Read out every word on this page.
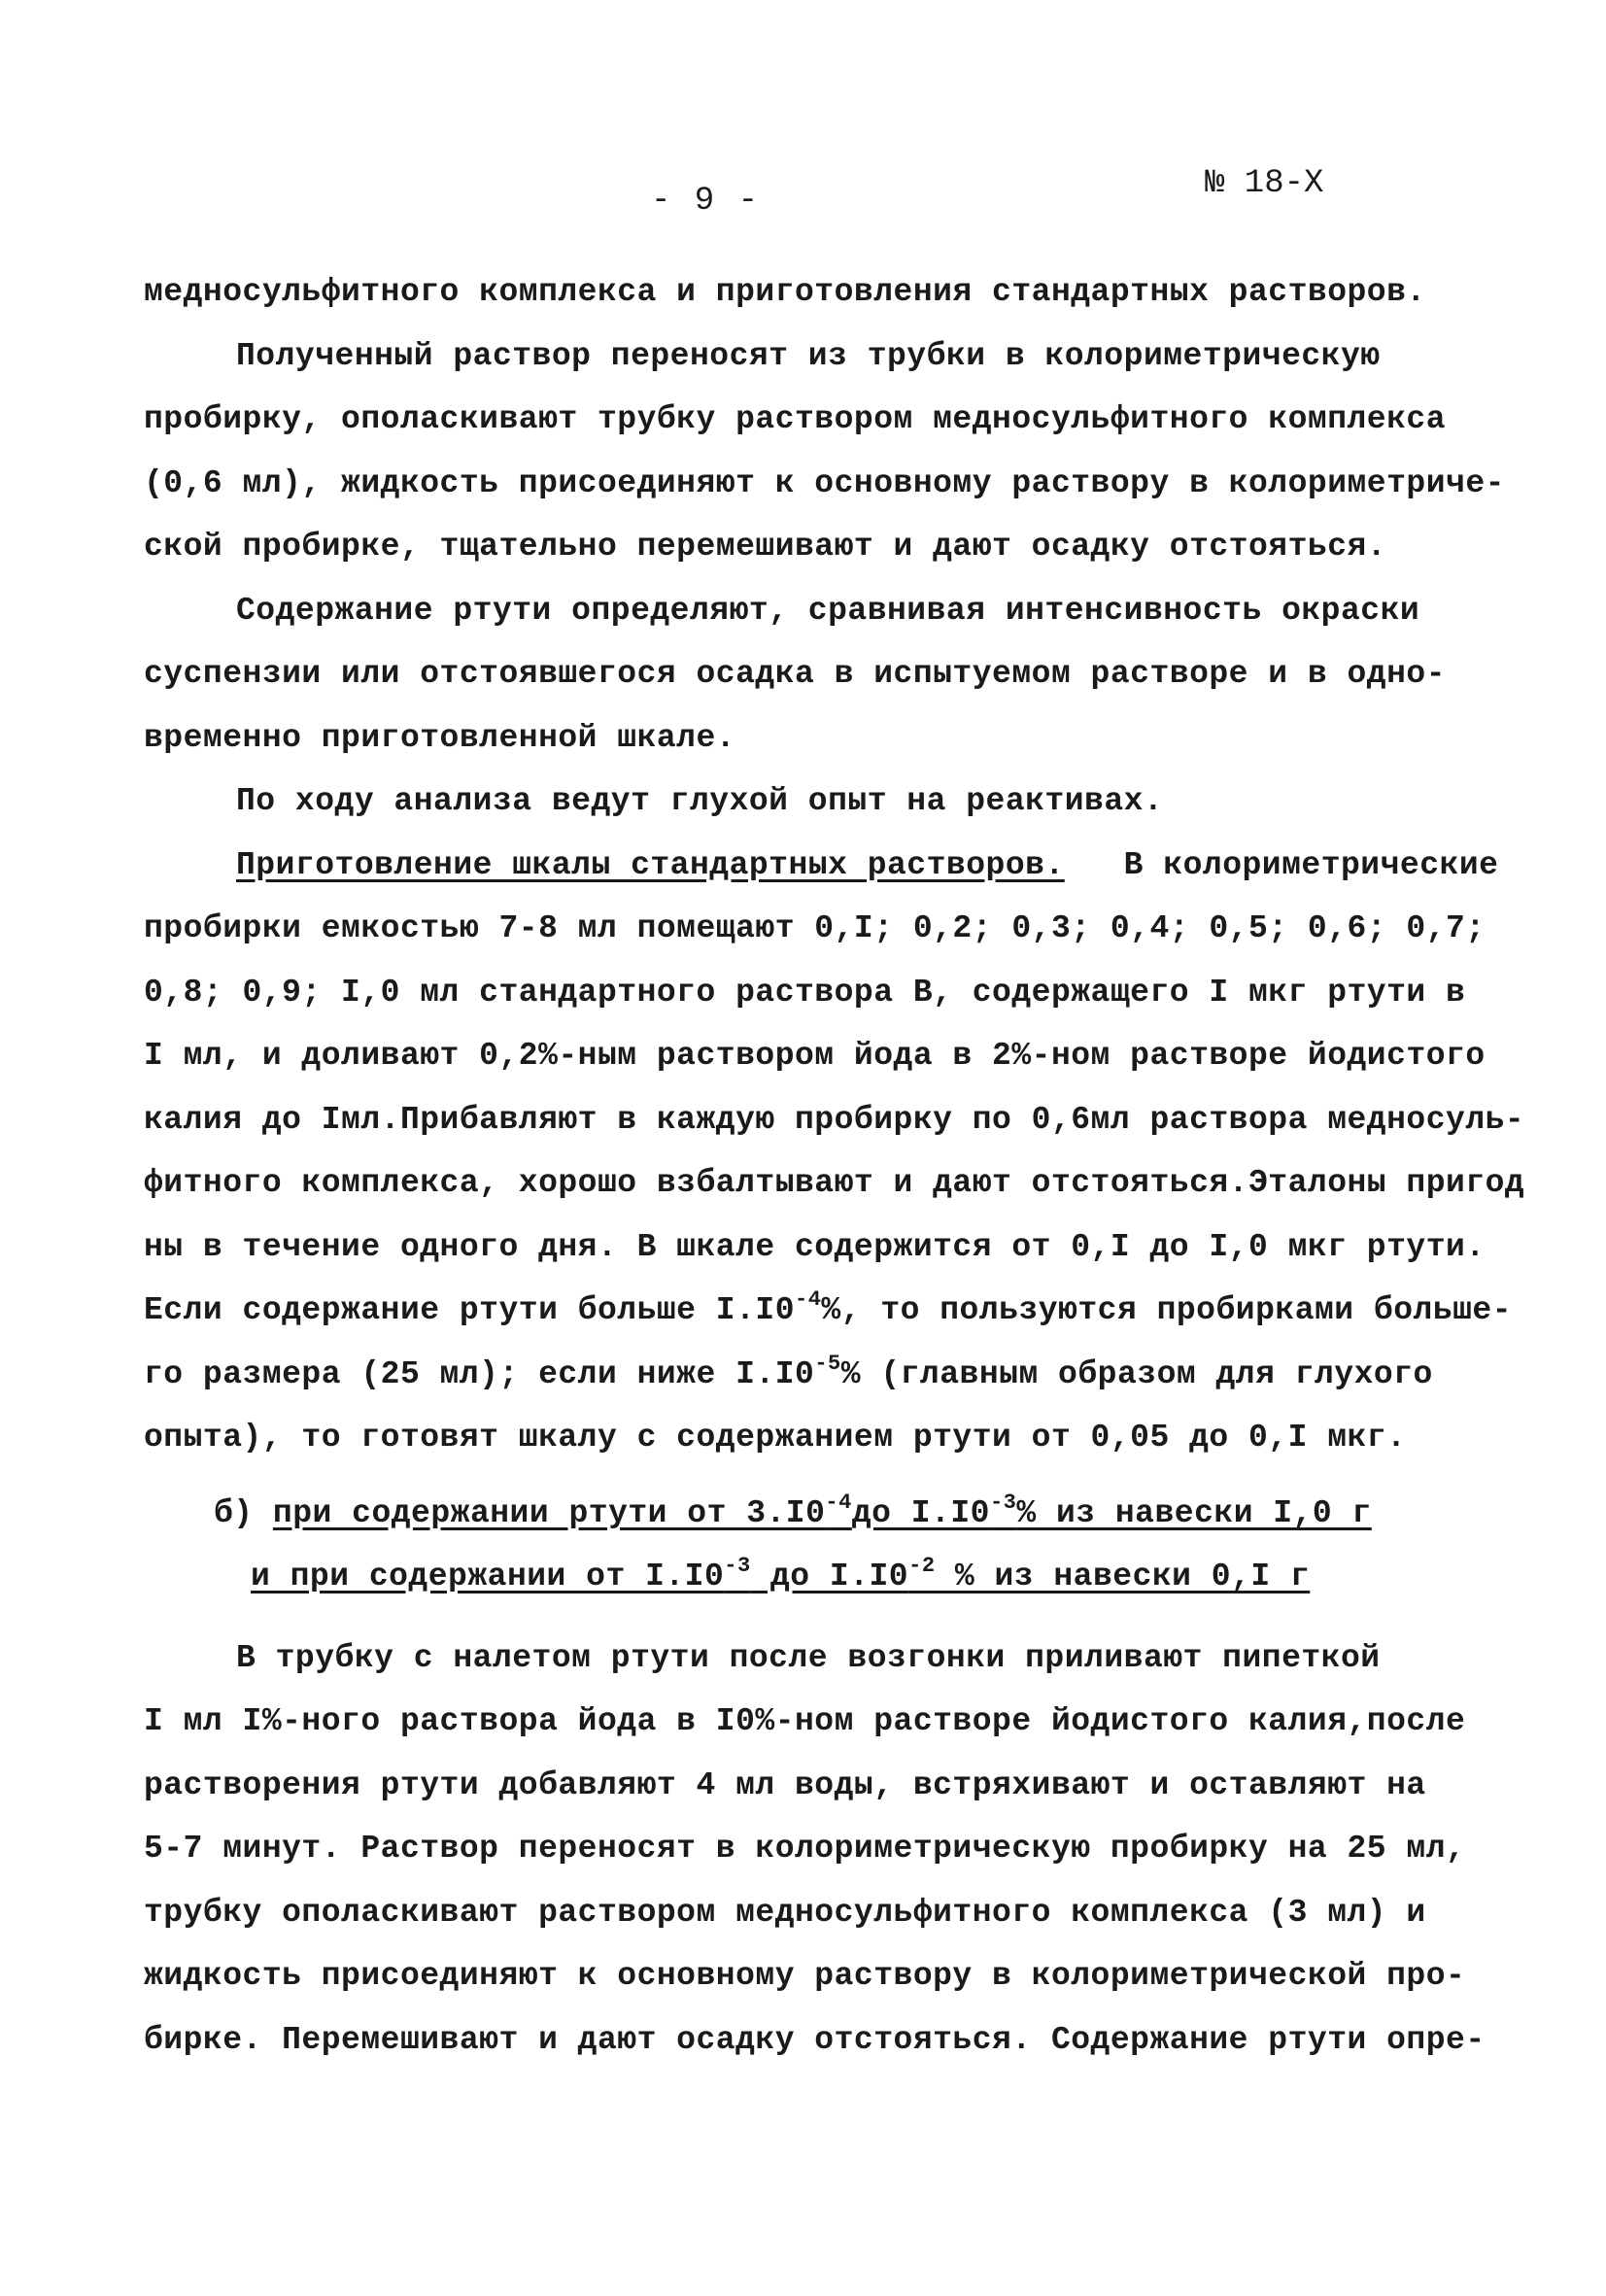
- 9 -	№ 18-X
медносульфитного комплекса и приготовления стандартных растворов.
Полученный раствор переносят из трубки в колориметрическую
пробирку, ополаскивают трубку раствором медносульфитного комплекса
(0,6 мл), жидкость присоединяют к основному раствору в колориметриче-
ской пробирке, тщательно перемешивают и дают осадку отстояться.
Содержание ртути определяют, сравнивая интенсивность окраски
суспензии или отстоявшегося осадка в испытуемом растворе и в одно-
временно приготовленной шкале.
По ходу анализа ведут глухой опыт на реактивах.
Приготовление шкалы стандартных растворов. В колориметрические
пробирки емкостью 7-8 мл помещают 0,I; 0,2; 0,3; 0,4; 0,5; 0,6; 0,7;
0,8; 0,9; I,0 мл стандартного раствора В, содержащего I мкг ртути в
I мл, и доливают 0,2%-ным раствором йода в 2%-ном растворе йодистого
калия до Iмл.Прибавляют в каждую пробирку по 0,6мл раствора медносуль-
фитного комплекса, хорошо взбалтывают и дают отстояться.Эталоны пригод
ны в течение одного дня. В шкале содержится от 0,I до I,0 мкг ртути.
Если содержание ртути больше $I.I0^{-4}\%$, то пользуются пробирками больше-
го размера (25 мл); если ниже $I.I0^{-5}\%$ (главным образом для глухого
опыта), то готовят шкалу с содержанием ртути от 0,05 до 0,I мкг.
б) при содержании ртути от $3.I0^{-4}до$ $I.I0^{-3}\%$ из навески I,0 г
и при содержании от $I.I0^{-3}$ до $I.I0^{-2}$ % из навески 0,I г
В трубку с налетом ртути после возгонки приливают пипеткой
I мл I%-ного раствора йода в I0%-ном растворе йодистого калия,после
растворения ртути добавляют 4 мл воды, встряхивают и оставляют на
5-7 минут. Раствор переносят в колориметрическую пробирку на 25 мл,
трубку ополаскивают раствором медносульфитного комплекса (3 мл) и
жидкость присоединяют к основному раствору в колориметрической про-
бирке. Перемешивают и дают осадку отстояться. Содержание ртути опре-
